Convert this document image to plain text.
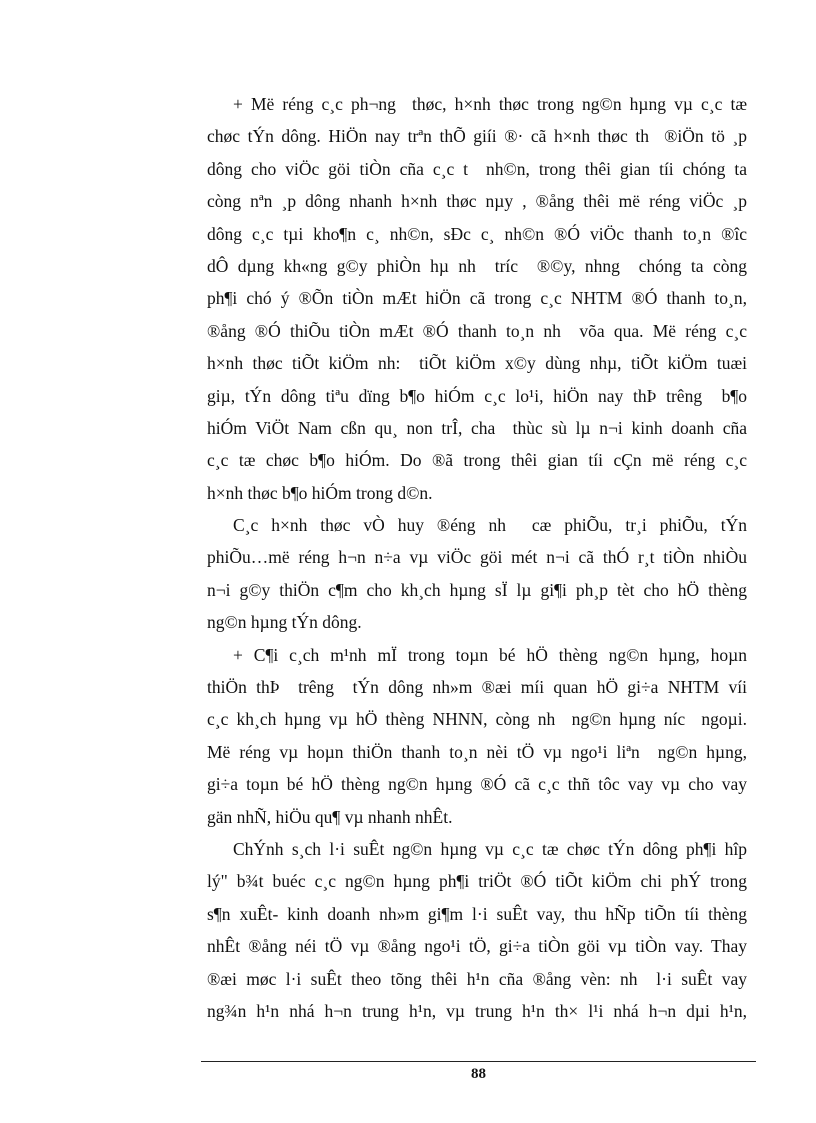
+ Më réng c¸c ph¬ng  thøc, h×nh thøc trong ng©n hµng vµ c¸c tæ
chøc tÝn dông. HiÖn nay trªn thÕ giíi ®· cã h×nh thøc th  ®iÖn tö ¸p
dông cho viÖc göi tiÒn cña c¸c t  nh©n, trong thêi gian tíi chóng ta
còng nªn ¸p dông nhanh h×nh thøc nµy , ®ång thêi më réng viÖc ¸p
dông c¸c tµi kho¶n c¸ nh©n, sÐc c¸ nh©n ®Ó viÖc thanh to¸n ®îc
dÔ dµng kh«ng g©y phiÒn hµ nh  tríc  ®©y, nhng  chóng ta còng
ph¶i chó ý ®Õn tiÒn mÆt hiÖn cã trong c¸c NHTM ®Ó thanh to¸n,
®ång ®Ó thiÕu tiÒn mÆt ®Ó thanh to¸n nh  võa qua. Më réng c¸c
h×nh thøc tiÕt kiÖm nh:  tiÕt kiÖm x©y dùng nhµ, tiÕt kiÖm tuæi
giµ, tÝn dông tiªu dïng b¶o hiÓm c¸c lo¹i, hiÖn nay thÞ trêng  b¶o
hiÓm ViÖt Nam cßn qu¸ non trÎ, cha  thùc sù lµ n¬i kinh doanh cña
c¸c tæ chøc b¶o hiÓm. Do ®ã trong thêi gian tíi cÇn më réng c¸c
h×nh thøc b¶o hiÓm trong d©n.
C¸c h×nh thøc vÒ huy ®éng nh  cæ phiÕu, tr¸i phiÕu, tÝn
phiÕu…më réng h¬n n÷a vµ viÖc göi mét n¬i cã thÓ r¸t tiÒn nhiÒu
n¬i g©y thiÖn c¶m cho kh¸ch hµng sÏ lµ gi¶i ph¸p tèt cho hÖ thèng
ng©n hµng tÝn dông.
+ C¶i c¸ch m¹nh mÏ trong toµn bé hÖ thèng ng©n hµng, hoµn
thiÖn thÞ  trêng  tÝn dông nh»m ®æi míi quan hÖ gi÷a NHTM víi
c¸c kh¸ch hµng vµ hÖ thèng NHNN, còng nh  ng©n hµng níc  ngoµi.
Më réng vµ hoµn thiÖn thanh to¸n nèi tÖ vµ ngo¹i liªn  ng©n hµng,
gi÷a toµn bé hÖ thèng ng©n hµng ®Ó cã c¸c thñ tôc vay vµ cho vay
gän nhÑ, hiÖu qu¶ vµ nhanh nhÊt.
ChÝnh s¸ch l·i suÊt ng©n hµng vµ c¸c tæ chøc tÝn dông ph¶i hîp
lý" b¾t buéc c¸c ng©n hµng ph¶i triÖt ®Ó tiÕt kiÖm chi phÝ trong
s¶n xuÊt- kinh doanh nh»m gi¶m l·i suÊt vay, thu hÑp tiÕn tíi thèng
nhÊt ®ång néi tÖ vµ ®ång ngo¹i tÖ, gi÷a tiÒn göi vµ tiÒn vay. Thay
®æi møc l·i suÊt theo tõng thêi h¹n cña ®ång vèn: nh  l·i suÊt vay
ng¾n h¹n nhá h¬n trung h¹n, vµ trung h¹n th× l¹i nhá h¬n dµi h¹n,
88
